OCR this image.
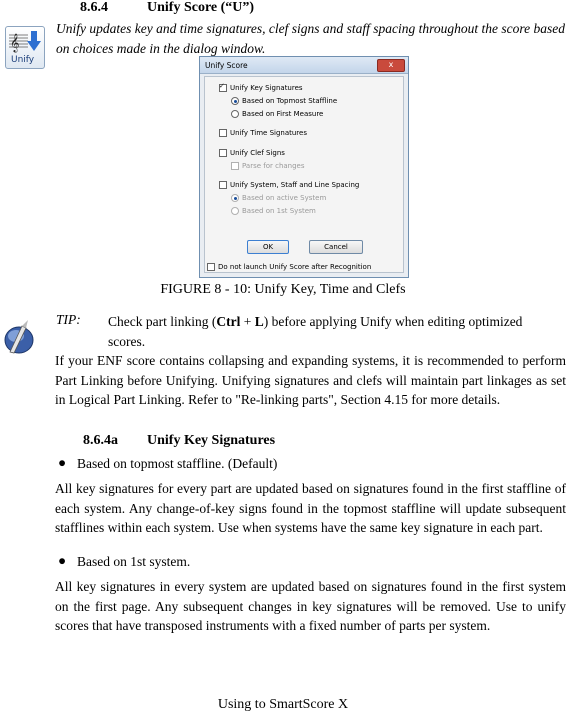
8.6.4	Unify Score (“U”)
𝄞
Unify
Unify updates key and time signatures, clef signs and staff spacing throughout the score based on choices made in the dialog window.
Unify Score	x
✓
Unify Key Signatures
Based on Topmost Staffline
Based on First Measure
Unify Time Signatures
Unify Clef Signs
Parse for changes
Unify System, Staff and Line Spacing
Based on active System
Based on 1st System
OK	Cancel
Do not launch Unify Score after Recognition
FIGURE 8 - 10: Unify Key, Time and Clefs
TIP: Check part linking (Ctrl + L) before applying Unify when editing optimized
scores.
If your ENF score contains collapsing and expanding systems, it is recommended to perform Part Linking before Unifying. Unifying signatures and clefs will maintain part linkages as set in Logical Part Linking. Refer to "Re-linking parts", Section 4.15 for more details.
8.6.4a Unify Key Signatures
● Based on topmost staffline. (Default)
All key signatures for every part are updated based on signatures found in the first staffline of each system. Any change-of-key signs found in the topmost staffline will update subsequent stafflines within each system. Use when systems have the same key signature in each part.
● Based on 1st system.
All key signatures in every system are updated based on signatures found in the first system on the first page. Any subsequent changes in key signatures will be removed. Use to unify scores that have transposed instruments with a fixed number of parts per system.
Using to SmartScore X
